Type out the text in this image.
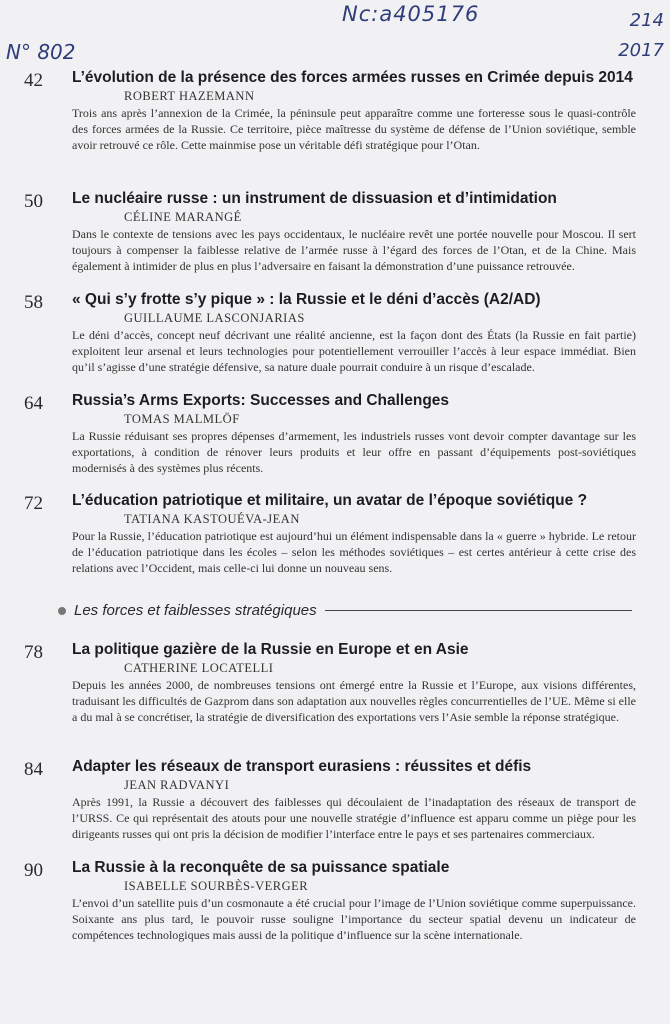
Nc:a405176
N° 802
214
2017
42	L’évolution de la présence des forces armées russes en Crimée depuis 2014
ROBERT HAZEMANN
Trois ans après l’annexion de la Crimée, la péninsule peut apparaître comme une forteresse sous le quasi-contrôle des forces armées de la Russie. Ce territoire, pièce maîtresse du système de défense de l’Union soviétique, semble avoir retrouvé ce rôle. Cette mainmise pose un véritable défi stratégique pour l’Otan.
50	Le nucléaire russe : un instrument de dissuasion et d’intimidation
CÉLINE MARANGÉ
Dans le contexte de tensions avec les pays occidentaux, le nucléaire revêt une portée nouvelle pour Moscou. Il sert toujours à compenser la faiblesse relative de l’armée russe à l’égard des forces de l’Otan, et de la Chine. Mais également à intimider de plus en plus l’adversaire en faisant la démonstration d’une puissance retrouvée.
58	« Qui s’y frotte s’y pique » : la Russie et le déni d’accès (A2/AD)
GUILLAUME LASCONJARIAS
Le déni d’accès, concept neuf décrivant une réalité ancienne, est la façon dont des États (la Russie en fait partie) exploitent leur arsenal et leurs technologies pour potentiellement verrouiller l’accès à leur espace immédiat. Bien qu’il s’agisse d’une stratégie défensive, sa nature duale pourrait conduire à un risque d’escalade.
64	Russia’s Arms Exports: Successes and Challenges
TOMAS MALMLÖF
La Russie réduisant ses propres dépenses d’armement, les industriels russes vont devoir compter davantage sur les exportations, à condition de rénover leurs produits et leur offre en passant d’équipements post-soviétiques modernisés à des systèmes plus récents.
72	L’éducation patriotique et militaire, un avatar de l’époque soviétique ?
TATIANA KASTOUÉVA-JEAN
Pour la Russie, l’éducation patriotique est aujourd’hui un élément indispensable dans la « guerre » hybride. Le retour de l’éducation patriotique dans les écoles – selon les méthodes soviétiques – est certes antérieur à cette crise des relations avec l’Occident, mais celle-ci lui donne un nouveau sens.
Les forces et faiblesses stratégiques
78	La politique gazière de la Russie en Europe et en Asie
CATHERINE LOCATELLI
Depuis les années 2000, de nombreuses tensions ont émergé entre la Russie et l’Europe, aux visions différentes, traduisant les difficultés de Gazprom dans son adaptation aux nouvelles règles concurrentielles de l’UE. Même si elle a du mal à se concrétiser, la stratégie de diversification des exportations vers l’Asie semble la réponse stratégique.
84	Adapter les réseaux de transport eurasiens : réussites et défis
JEAN RADVANYI
Après 1991, la Russie a découvert des faiblesses qui découlaient de l’inadaptation des réseaux de transport de l’URSS. Ce qui représentait des atouts pour une nouvelle stratégie d’influence est apparu comme un piège pour les dirigeants russes qui ont pris la décision de modifier l’interface entre le pays et ses partenaires commerciaux.
90	La Russie à la reconquête de sa puissance spatiale
ISABELLE SOURBÈS-VERGER
L’envoi d’un satellite puis d’un cosmonaute a été crucial pour l’image de l’Union soviétique comme superpuissance. Soixante ans plus tard, le pouvoir russe souligne l’importance du secteur spatial devenu un indicateur de compétences technologiques mais aussi de la politique d’influence sur la scène internationale.
